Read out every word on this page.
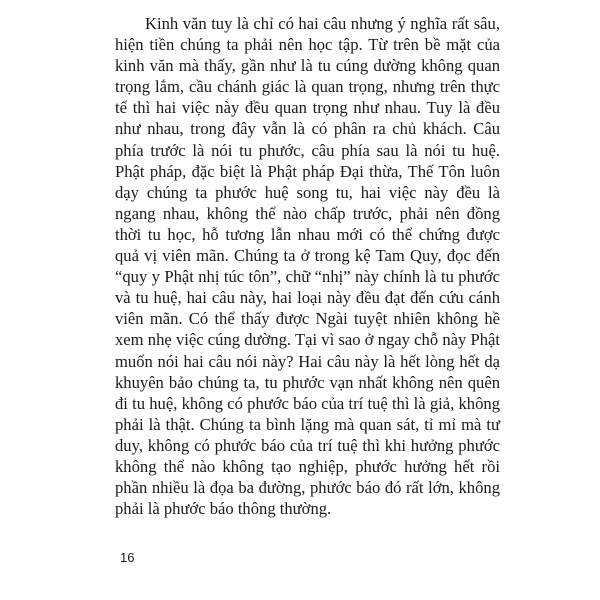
Kinh văn tuy là chỉ có hai câu nhưng ý nghĩa rất sâu, hiện tiền chúng ta phải nên học tập. Từ trên bề mặt của kinh văn mà thấy, gần như là tu cúng dường không quan trọng lắm, cầu chánh giác là quan trọng, nhưng trên thực tế thì hai việc này đều quan trọng như nhau. Tuy là đều như nhau, trong đây vẫn là có phân ra chủ khách. Câu phía trước là nói tu phước, câu phía sau là nói tu huệ. Phật pháp, đặc biệt là Phật pháp Đại thừa, Thế Tôn luôn dạy chúng ta phước huệ song tu, hai việc này đều là ngang nhau, không thể nào chấp trước, phải nên đồng thời tu học, hỗ tương lẫn nhau mới có thể chứng được quả vị viên mãn. Chúng ta ở trong kệ Tam Quy, đọc đến “quy y Phật nhị túc tôn”, chữ “nhị” này chính là tu phước và tu huệ, hai câu này, hai loại này đều đạt đến cứu cánh viên mãn. Có thể thấy được Ngài tuyệt nhiên không hề xem nhẹ việc cúng dường. Tại vì sao ở ngay chỗ này Phật muốn nói hai câu nói này? Hai câu này là hết lòng hết dạ khuyên bảo chúng ta, tu phước vạn nhất không nên quên đi tu huệ, không có phước báo của trí tuệ thì là giả, không phải là thật. Chúng ta bình lặng mà quan sát, tỉ mỉ mà tư duy, không có phước báo của trí tuệ thì khi hưởng phước không thể nào không tạo nghiệp, phước hưởng hết rồi phần nhiều là đọa ba đường, phước báo đó rất lớn, không phải là phước báo thông thường.

16
